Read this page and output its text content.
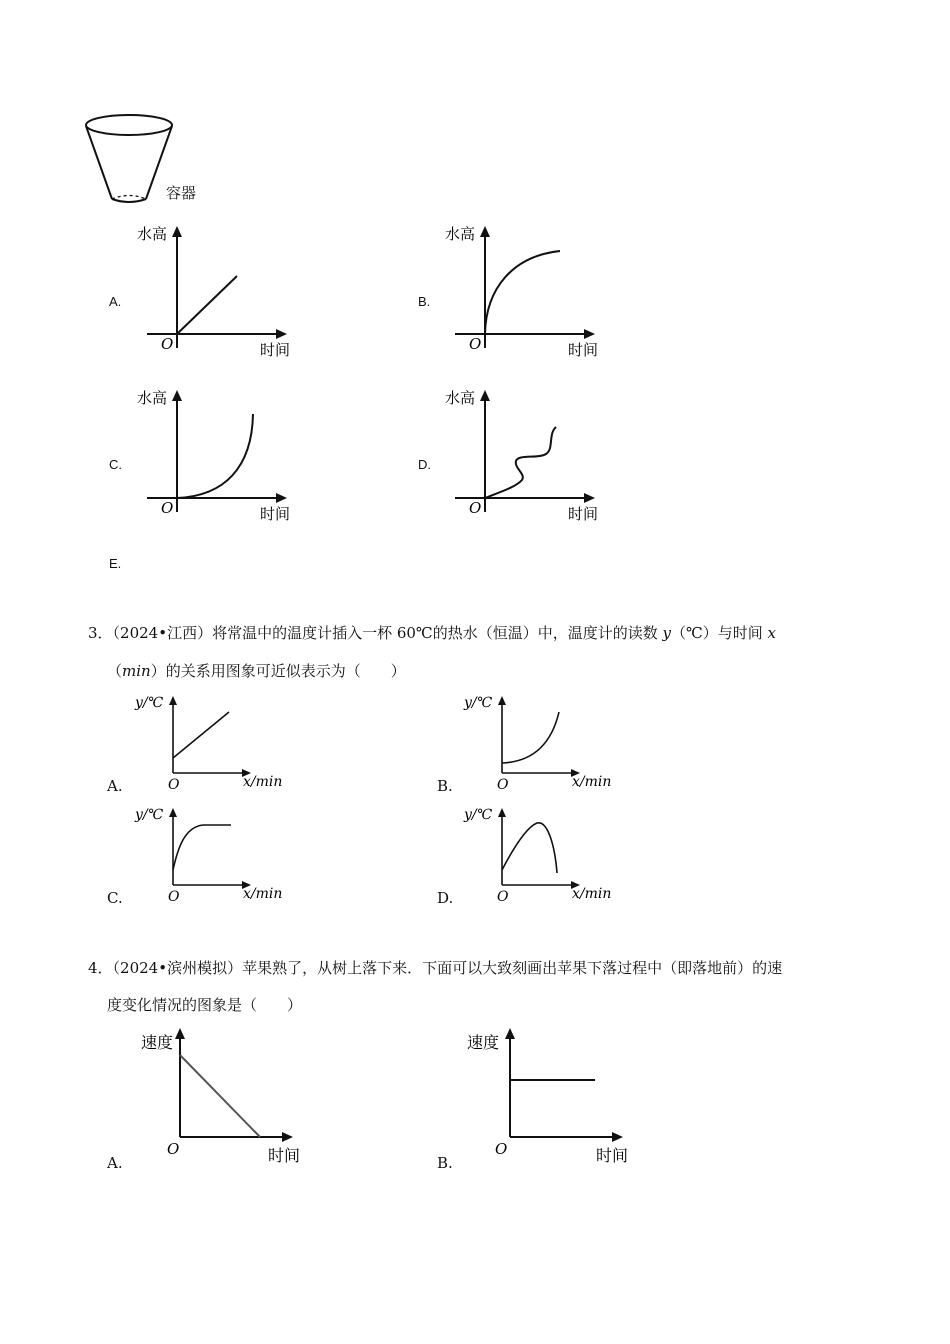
容器
A.	B.
C.	D.
E.
水高
时间
O
水高
时间
O
水高
时间
O
水高
时间
O
3．（2024•江西）将常温中的温度计插入一杯 60℃的热水（恒温）中，温度计的读数 y（℃）与时间 x
（min）的关系用图象可近似表示为（　　）
A.	B.
C.	D.
y/℃
x/min
O
y/℃
x/min
O
y/℃
x/min
O
y/℃
x/min
O
4．（2024•滨州模拟）苹果熟了，从树上落下来．下面可以大致刻画出苹果下落过程中（即落地前）的速
度变化情况的图象是（　　）
A.	B.
速度
时间
O
速度
时间
O
